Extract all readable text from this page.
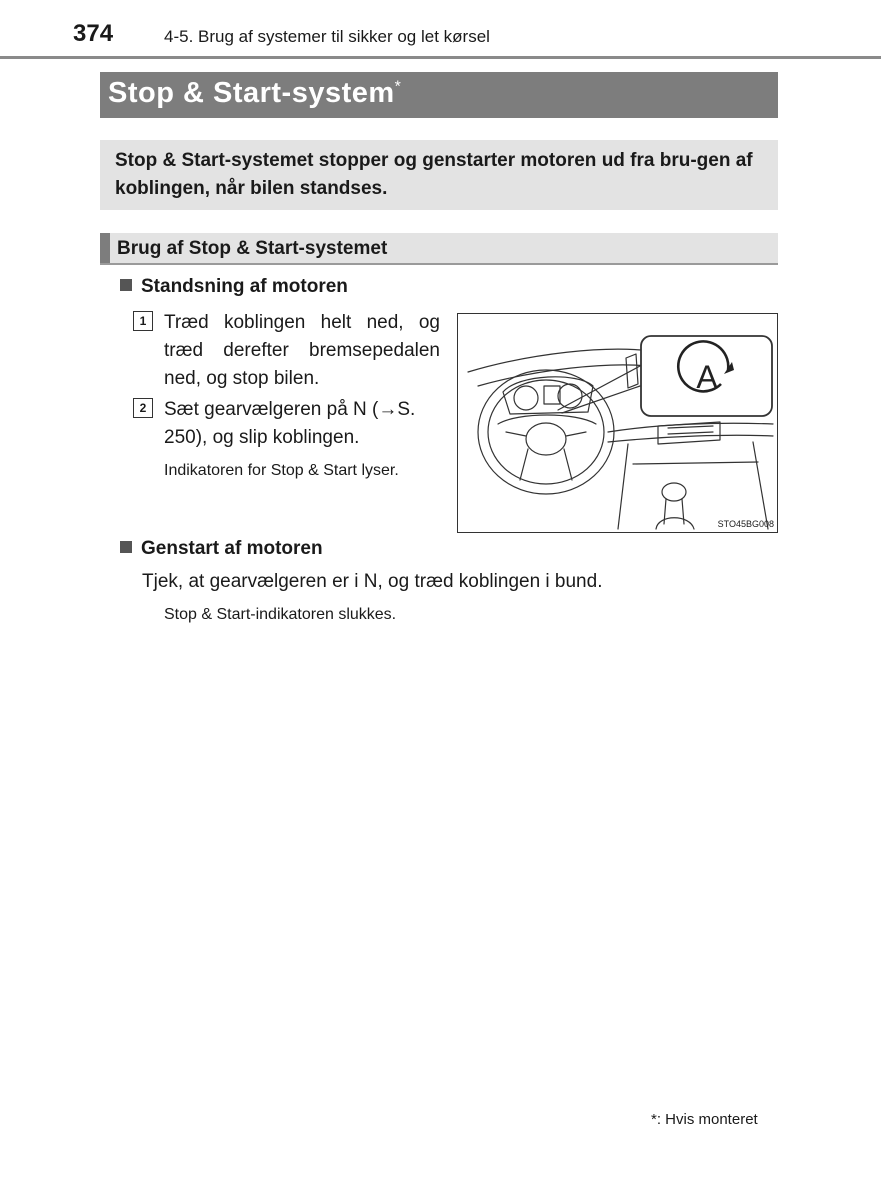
374	4-5. Brug af systemer til sikker og let kørsel
Stop & Start-system*
Stop & Start-systemet stopper og genstarter motoren ud fra bru-gen af koblingen, når bilen standses.
Brug af Stop & Start-systemet
Standsning af motoren
1 Træd koblingen helt ned, og træd derefter bremsepedalen ned, og stop bilen.
2 Sæt gearvælgeren på N (→S. 250), og slip koblingen.
Indikatoren for Stop & Start lyser.
A
STO45BG008
Genstart af motoren
Tjek, at gearvælgeren er i N, og træd koblingen i bund.
Stop & Start-indikatoren slukkes.
*: Hvis monteret
